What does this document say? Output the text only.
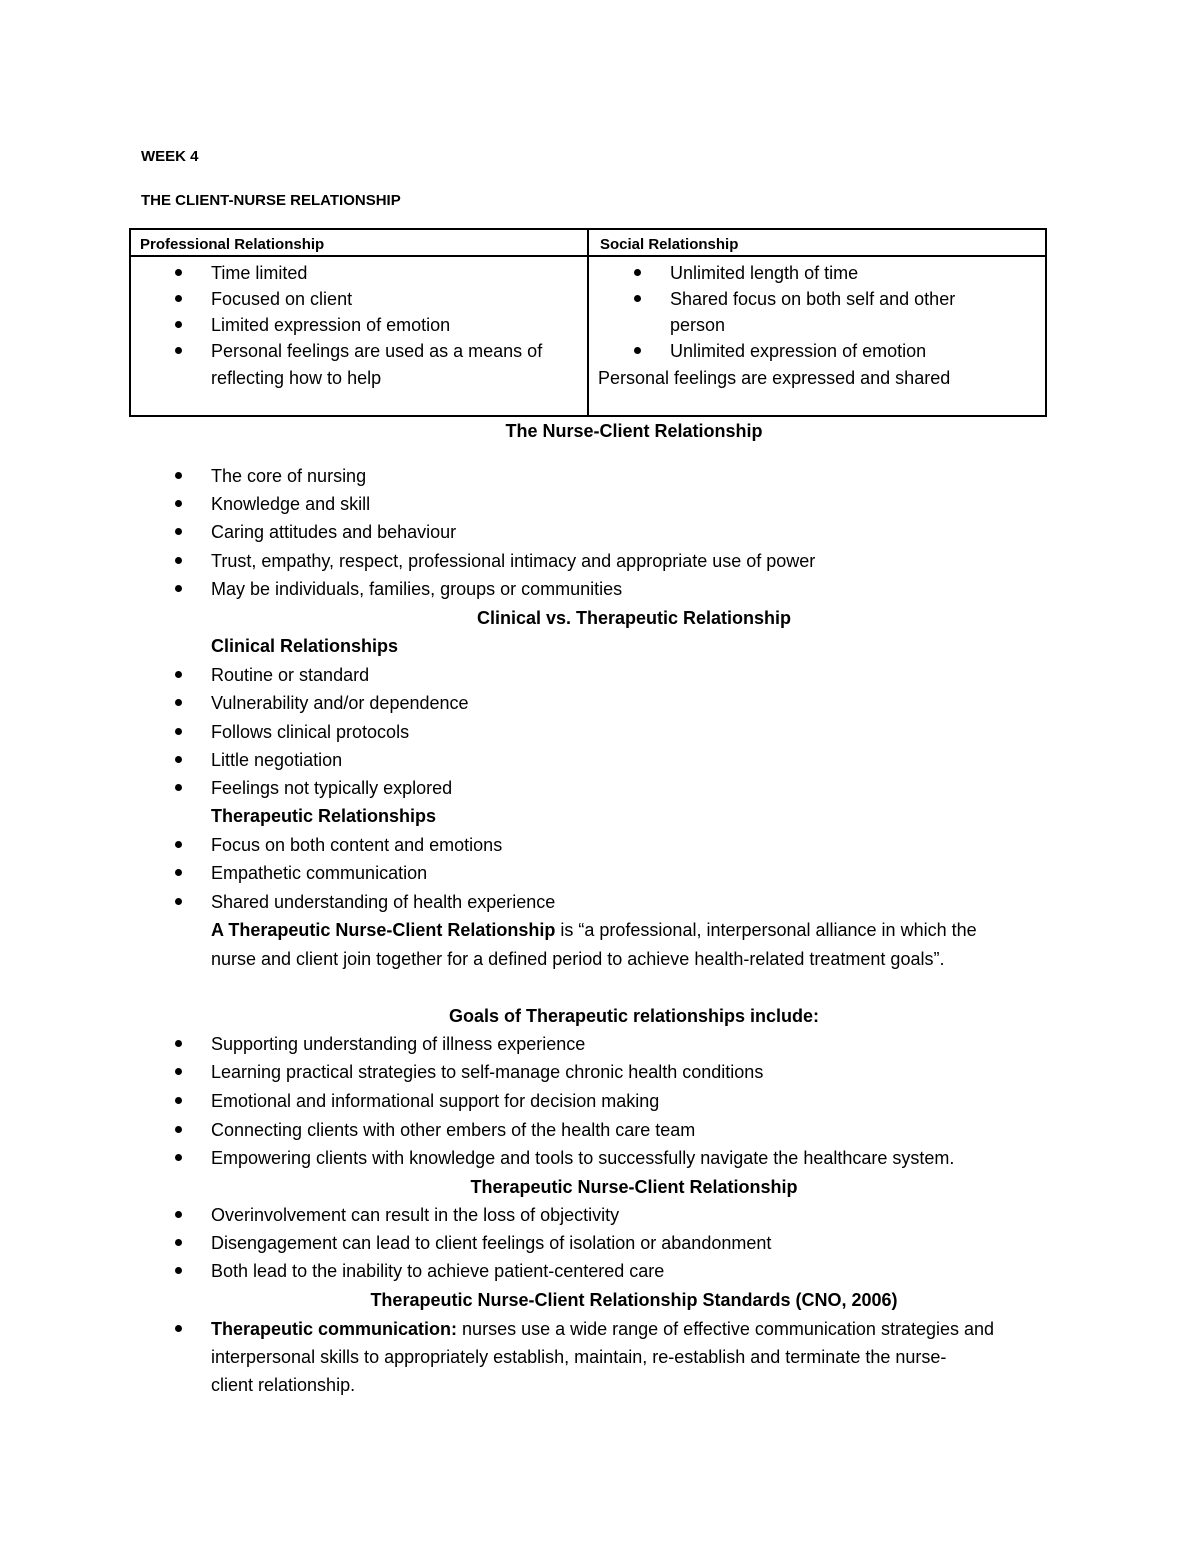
WEEK 4
THE CLIENT-NURSE RELATIONSHIP
Professional Relationship	Social Relationship
Time limited
Focused on client
Limited expression of emotion
Personal feelings are used as a means of
reflecting how to help
Unlimited length of time
Shared focus on both self and other
person
Unlimited expression of emotion
Personal feelings are expressed and shared
The Nurse-Client Relationship
The core of nursing
Knowledge and skill
Caring attitudes and behaviour
Trust, empathy, respect, professional intimacy and appropriate use of power
May be individuals, families, groups or communities
Clinical vs. Therapeutic Relationship
Clinical Relationships
Routine or standard
Vulnerability and/or dependence
Follows clinical protocols
Little negotiation
Feelings not typically explored
Therapeutic Relationships
Focus on both content and emotions
Empathetic communication
Shared understanding of health experience
A Therapeutic Nurse-Client Relationship is “a professional, interpersonal alliance in which the
nurse and client join together for a defined period to achieve health-related treatment goals”.
Goals of Therapeutic relationships include:
Supporting understanding of illness experience
Learning practical strategies to self-manage chronic health conditions
Emotional and informational support for decision making
Connecting clients with other embers of the health care team
Empowering clients with knowledge and tools to successfully navigate the healthcare system.
Therapeutic Nurse-Client Relationship
Overinvolvement can result in the loss of objectivity
Disengagement can lead to client feelings of isolation or abandonment
Both lead to the inability to achieve patient-centered care
Therapeutic Nurse-Client Relationship Standards (CNO, 2006)
Therapeutic communication: nurses use a wide range of effective communication strategies and
interpersonal skills to appropriately establish, maintain, re-establish and terminate the nurse-
client relationship.
